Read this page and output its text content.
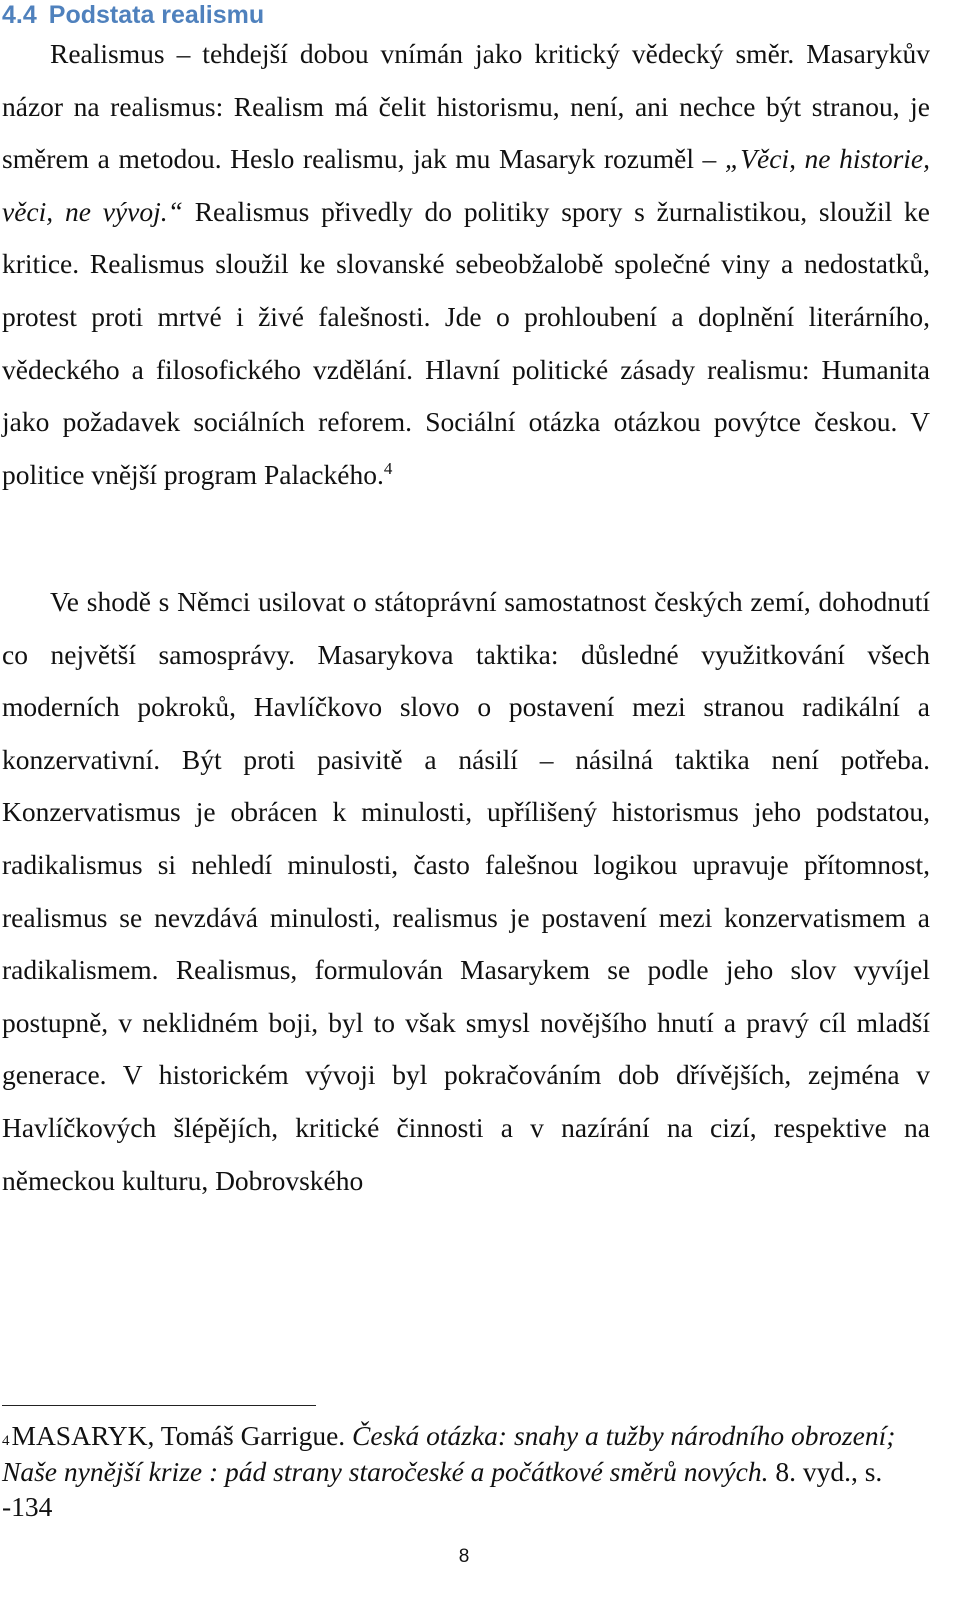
4.4 Podstata realismu

Realismus – tehdejší dobou vnímán jako kritický vědecký směr. Masarykův názor na realismus: Realism má čelit historismu, není, ani nechce být stranou, je směrem a metodou. Heslo realismu, jak mu Masaryk rozuměl – „Věci, ne historie, věci, ne vývoj.“ Realismus přivedly do politiky spory s žurnalistikou, sloužil ke kritice. Realismus sloužil ke slovanské sebeobžalobě společné viny a nedostatků, protest proti mrtvé i živé falešnosti. Jde o prohloubení a doplnění literárního, vědeckého a filosofického vzdělání. Hlavní politické zásady realismu: Humanita jako požadavek sociálních reforem. Sociální otázka otázkou povýtce českou. V politice vnější program Palackého.$^4$

Ve shodě s Němci usilovat o státoprávní samostatnost českých zemí, dohodnutí co největší samosprávy. Masarykova taktika: důsledné využitkování všech moderních pokroků, Havlíčkovo slovo o postavení mezi stranou radikální a konzervativní. Být proti pasivitě a násilí – násilná taktika není potřeba. Konzervatismus je obrácen k minulosti, upřílišený historismus jeho podstatou, radikalismus si nehledí minulosti, často falešnou logikou upravuje přítomnost, realismus se nevzdává minulosti, realismus je postavení mezi konzervatismem a radikalismem. Realismus, formulován Masarykem se podle jeho slov vyvíjel postupně, v neklidném boji, byl to však smysl novějšího hnutí a pravý cíl mladší generace. V historickém vývoji byl pokračováním dob dřívějších, zejména v Havlíčkových šlépějích, kritické činnosti a v nazírání na cizí, respektive na německou kulturu, Dobrovského

$^4$MASARYK, Tomáš Garrigue. Česká otázka: snahy a tužby národního obrození; Naše nynější krize : pád strany staročeské a počátkové směrů nových. 8. vyd., s. -134

8
